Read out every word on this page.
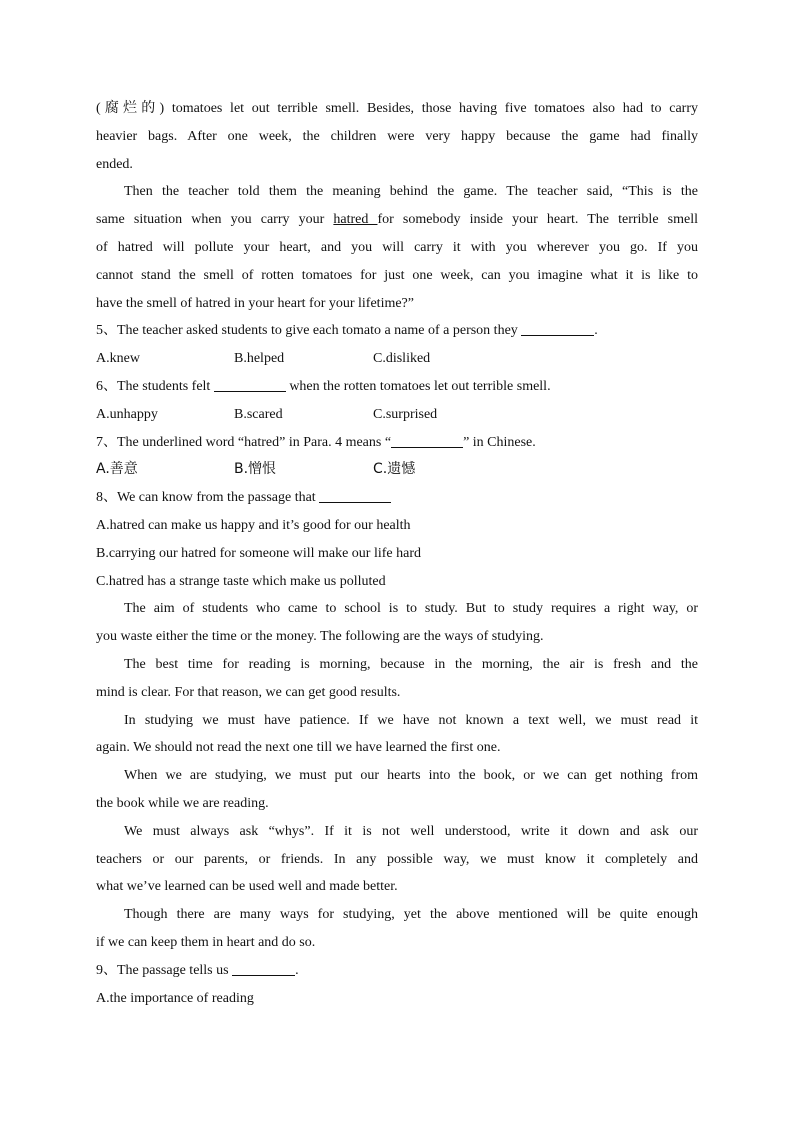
(腐烂的) tomatoes let out terrible smell. Besides, those having five tomatoes also had to carry
heavier bags. After one week, the children were very happy because the game had finally
ended.
Then the teacher told them the meaning behind the game. The teacher said, “This is the
same situation when you carry your hatred for somebody inside your heart. The terrible smell
of hatred will pollute your heart, and you will carry it with you wherever you go. If you
cannot stand the smell of rotten tomatoes for just one week, can you imagine what it is like to
have the smell of hatred in your heart for your lifetime?”
5、The teacher asked students to give each tomato a name of a person they	.
A.knew	B.helped	C.disliked
6、The students felt	when the rotten tomatoes let out terrible smell.
A.unhappy	B.scared	C.surprised
7、The underlined word “hatred” in Para. 4 means “	” in Chinese.
A.善意	B.憎恨	C.遗憾
8、We can know from the passage that
A.hatred can make us happy and it’s good for our health
B.carrying our hatred for someone will make our life hard
C.hatred has a strange taste which make us polluted
The aim of students who came to school is to study. But to study requires a right way, or
you waste either the time or the money. The following are the ways of studying.
The best time for reading is morning, because in the morning, the air is fresh and the
mind is clear. For that reason, we can get good results.
In studying we must have patience. If we have not known a text well, we must read it
again. We should not read the next one till we have learned the first one.
When we are studying, we must put our hearts into the book, or we can get nothing from
the book while we are reading.
We must always ask “whys”. If it is not well understood, write it down and ask our
teachers or our parents, or friends. In any possible way, we must know it completely and
what we’ve learned can be used well and made better.
Though there are many ways for studying, yet the above mentioned will be quite enough
if we can keep them in heart and do so.
9、The passage tells us	.
A.the importance of reading
